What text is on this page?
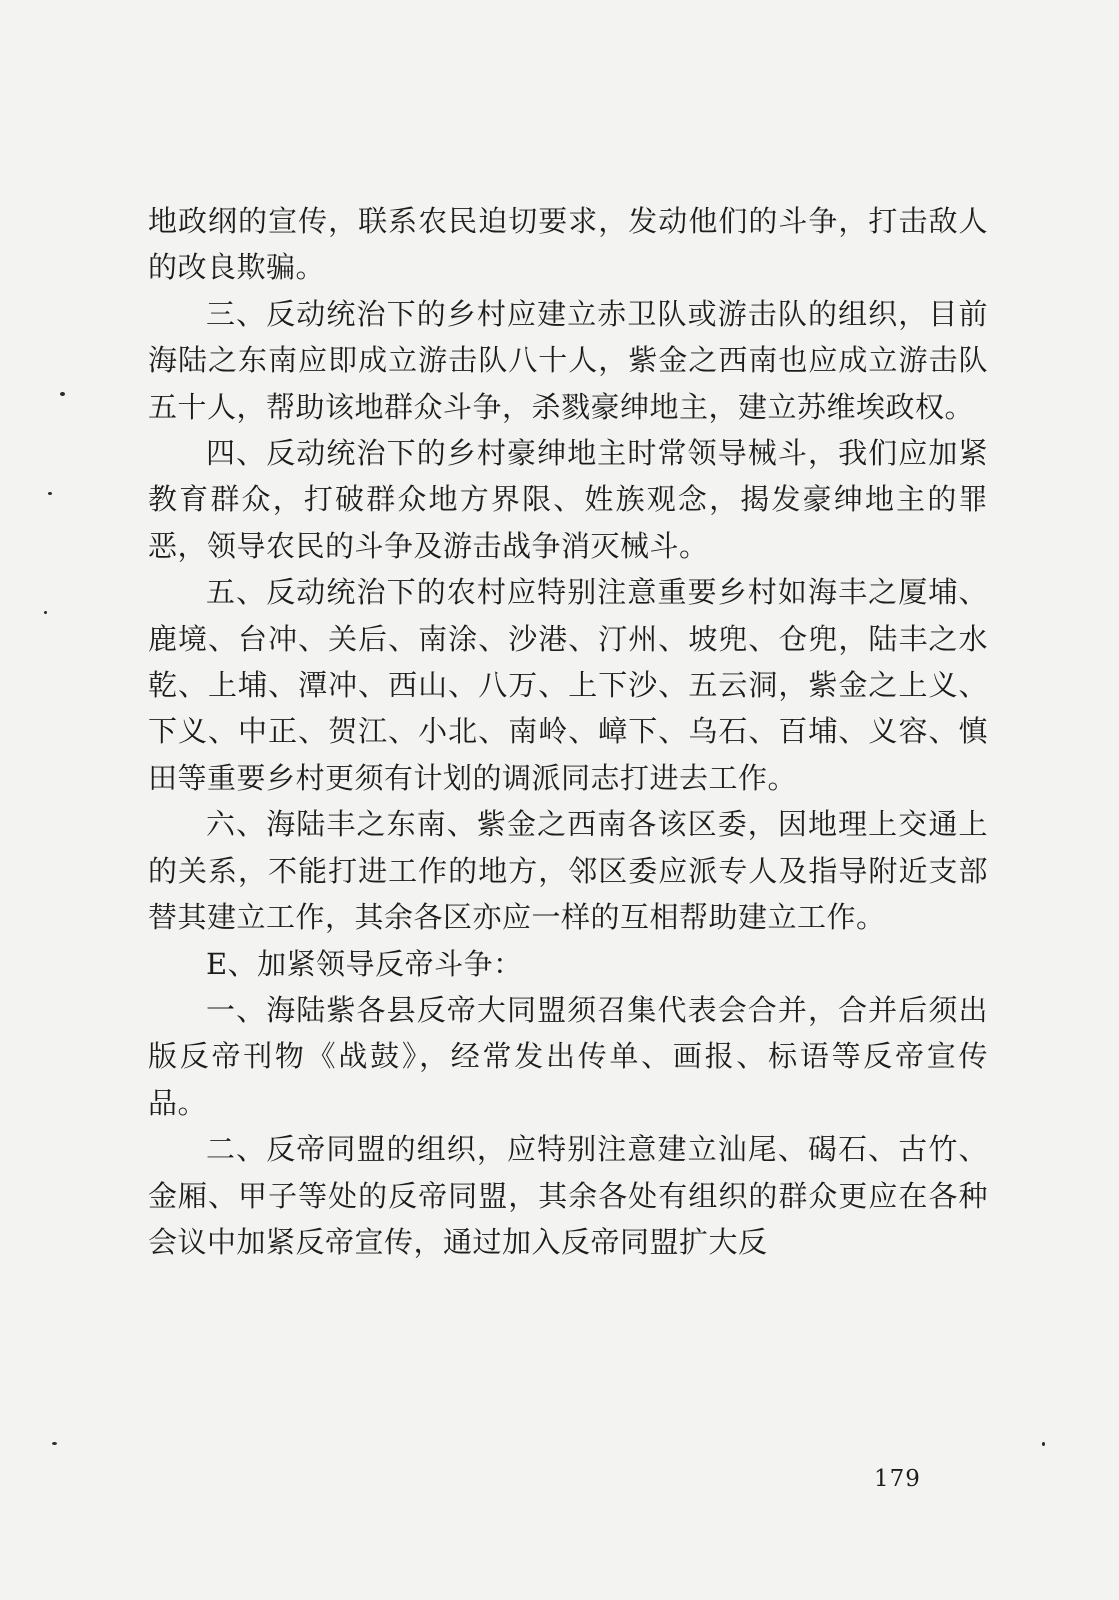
地政纲的宣传，联系农民迫切要求，发动他们的斗争，打击敌人的改良欺骗。

三、反动统治下的乡村应建立赤卫队或游击队的组织，目前海陆之东南应即成立游击队八十人，紫金之西南也应成立游击队五十人，帮助该地群众斗争，杀戮豪绅地主，建立苏维埃政权。

四、反动统治下的乡村豪绅地主时常领导械斗，我们应加紧教育群众，打破群众地方界限、姓族观念，揭发豪绅地主的罪恶，领导农民的斗争及游击战争消灭械斗。

五、反动统治下的农村应特别注意重要乡村如海丰之厦埔、鹿境、台冲、关后、南涂、沙港、汀州、坡兜、仓兜，陆丰之水乾、上埔、潭冲、西山、八万、上下沙、五云洞，紫金之上义、下义、中正、贺江、小北、南岭、嶂下、乌石、百埔、义容、慎田等重要乡村更须有计划的调派同志打进去工作。

六、海陆丰之东南、紫金之西南各该区委，因地理上交通上的关系，不能打进工作的地方，邻区委应派专人及指导附近支部替其建立工作，其余各区亦应一样的互相帮助建立工作。

E、加紧领导反帝斗争：

一、海陆紫各县反帝大同盟须召集代表会合并，合并后须出版反帝刊物《战鼓》，经常发出传单、画报、标语等反帝宣传品。

二、反帝同盟的组织，应特别注意建立汕尾、碣石、古竹、金厢、甲子等处的反帝同盟，其余各处有组织的群众更应在各种会议中加紧反帝宣传，通过加入反帝同盟扩大反

179
